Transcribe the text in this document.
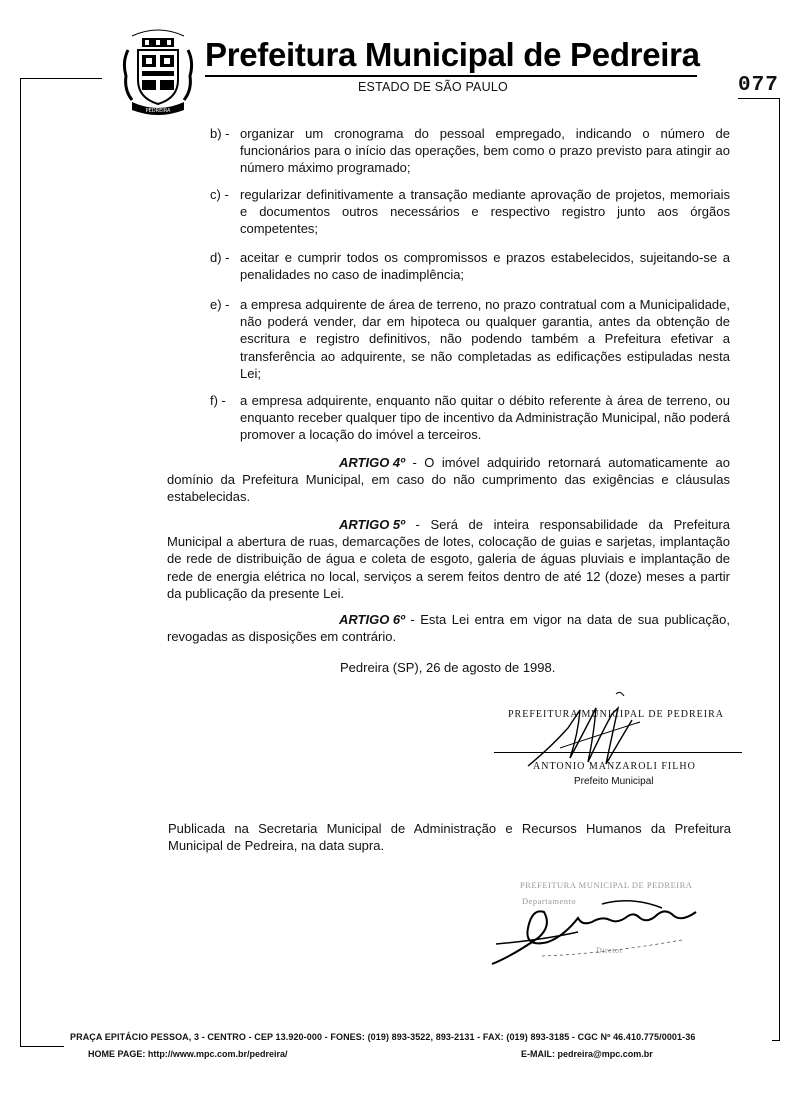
PEDREIRA
Prefeitura Municipal de Pedreira
ESTADO DE SÃO PAULO	077
b) - organizar um cronograma do pessoal empregado, indicando o número de funcionários para o início das operações, bem como o prazo previsto para atingir ao número máximo programado;
c) - regularizar definitivamente a transação mediante aprovação de projetos, memoriais e documentos outros necessários e respectivo registro junto aos órgãos competentes;
d) - aceitar e cumprir todos os compromissos e prazos estabelecidos, sujeitando-se a penalidades no caso de inadimplência;
e) - a empresa adquirente de área de terreno, no prazo contratual com a Municipalidade, não poderá vender, dar em hipoteca ou qualquer garantia, antes da obtenção de escritura e registro definitivos, não podendo também a Prefeitura efetivar a transferência ao adquirente, se não completadas as edificações estipuladas nesta Lei;
f) -	a empresa adquirente, enquanto não quitar o débito referente à área de terreno, ou enquanto receber qualquer tipo de incentivo da Administração Municipal, não poderá promover a locação do imóvel a terceiros.
ARTIGO 4º - O imóvel adquirido retornará automaticamente ao domínio da Prefeitura Municipal, em caso do não cumprimento das exigências e cláusulas estabelecidas.
ARTIGO 5º - Será de inteira responsabilidade da Prefeitura Municipal a abertura de ruas, demarcações de lotes, colocação de guias e sarjetas, implantação de rede de distribuição de água e coleta de esgoto, galeria de águas pluviais e implantação de rede de energia elétrica no local, serviços a serem feitos dentro de até 12 (doze) meses a partir da publicação da presente Lei.
ARTIGO 6º - Esta Lei entra em vigor na data de sua publicação, revogadas as disposições em contrário.
Pedreira (SP), 26 de agosto de 1998.
PREFEITURA MUNICIPAL DE PEDREIRA
ANTONIO MANZAROLI FILHO
Prefeito Municipal
Publicada na Secretaria Municipal de Administração e Recursos Humanos da Prefeitura Municipal de Pedreira, na data supra.
PREFEITURA MUNICIPAL DE PEDREIRA
Departamento
Diretor
PRAÇA EPITÁCIO PESSOA, 3 - CENTRO - CEP 13.920-000 - FONES: (019) 893-3522, 893-2131 - FAX: (019) 893-3185 - CGC Nº 46.410.775/0001-36
HOME PAGE: http://www.mpc.com.br/pedreira/	E-MAIL: pedreira@mpc.com.br
